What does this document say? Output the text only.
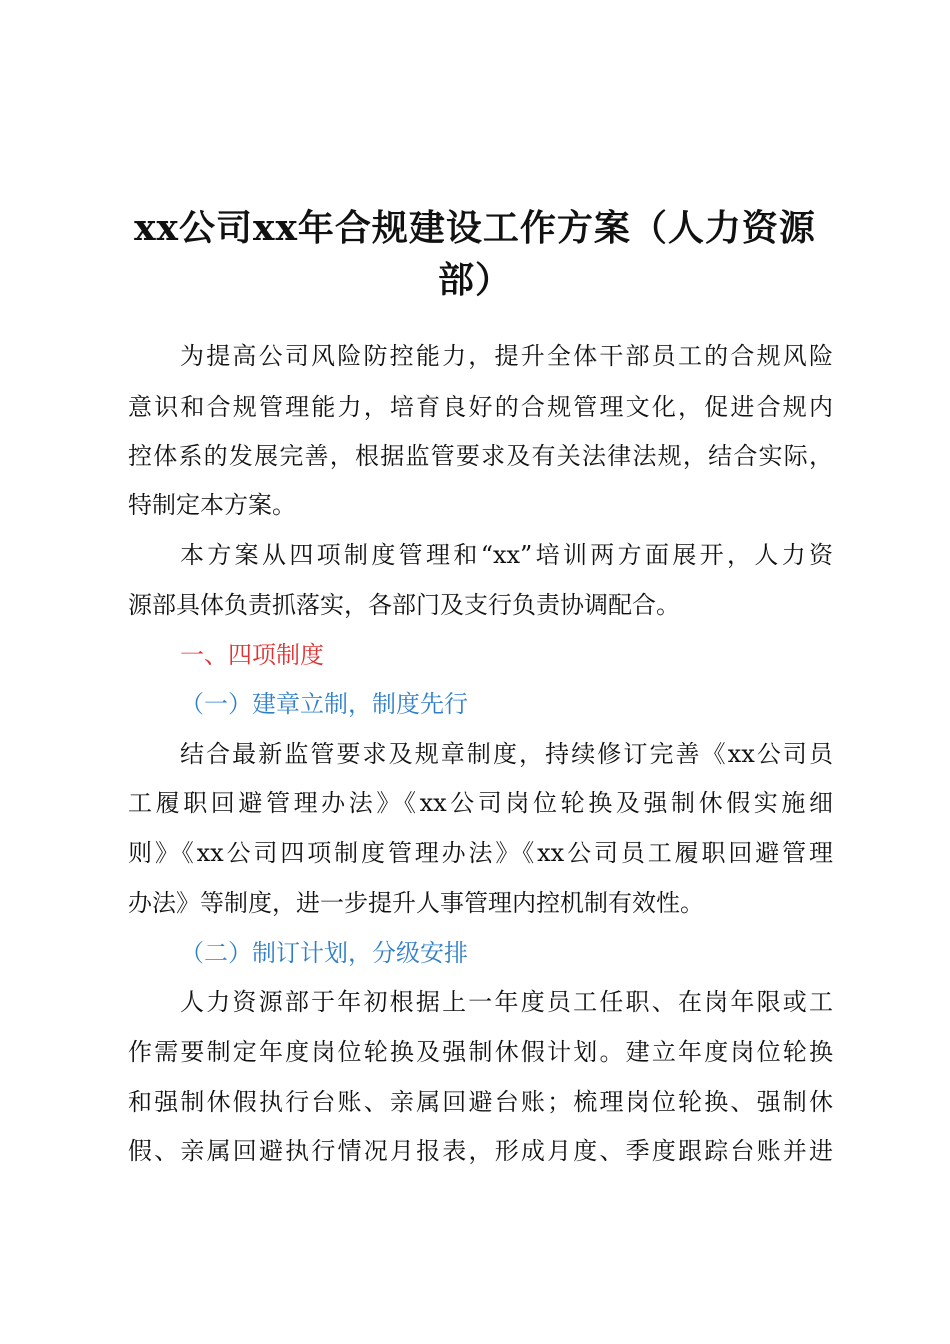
xx公司xx年合规建设工作方案（人力资源
部）
为提高公司风险防控能力，提升全体干部员工的合规风险
意识和合规管理能力，培育良好的合规管理文化，促进合规内
控体系的发展完善，根据监管要求及有关法律法规，结合实际，
特制定本方案。
本方案从四项制度管理和“xx”培训两方面展开，人力资
源部具体负责抓落实，各部门及支行负责协调配合。
一、四项制度
（一）建章立制，制度先行
结合最新监管要求及规章制度，持续修订完善《xx公司员
工履职回避管理办法》《xx公司岗位轮换及强制休假实施细
则》《xx公司四项制度管理办法》《xx公司员工履职回避管理
办法》等制度，进一步提升人事管理内控机制有效性。
（二）制订计划，分级安排
人力资源部于年初根据上一年度员工任职、在岗年限或工
作需要制定年度岗位轮换及强制休假计划。建立年度岗位轮换
和强制休假执行台账、亲属回避台账；梳理岗位轮换、强制休
假、亲属回避执行情况月报表，形成月度、季度跟踪台账并进
